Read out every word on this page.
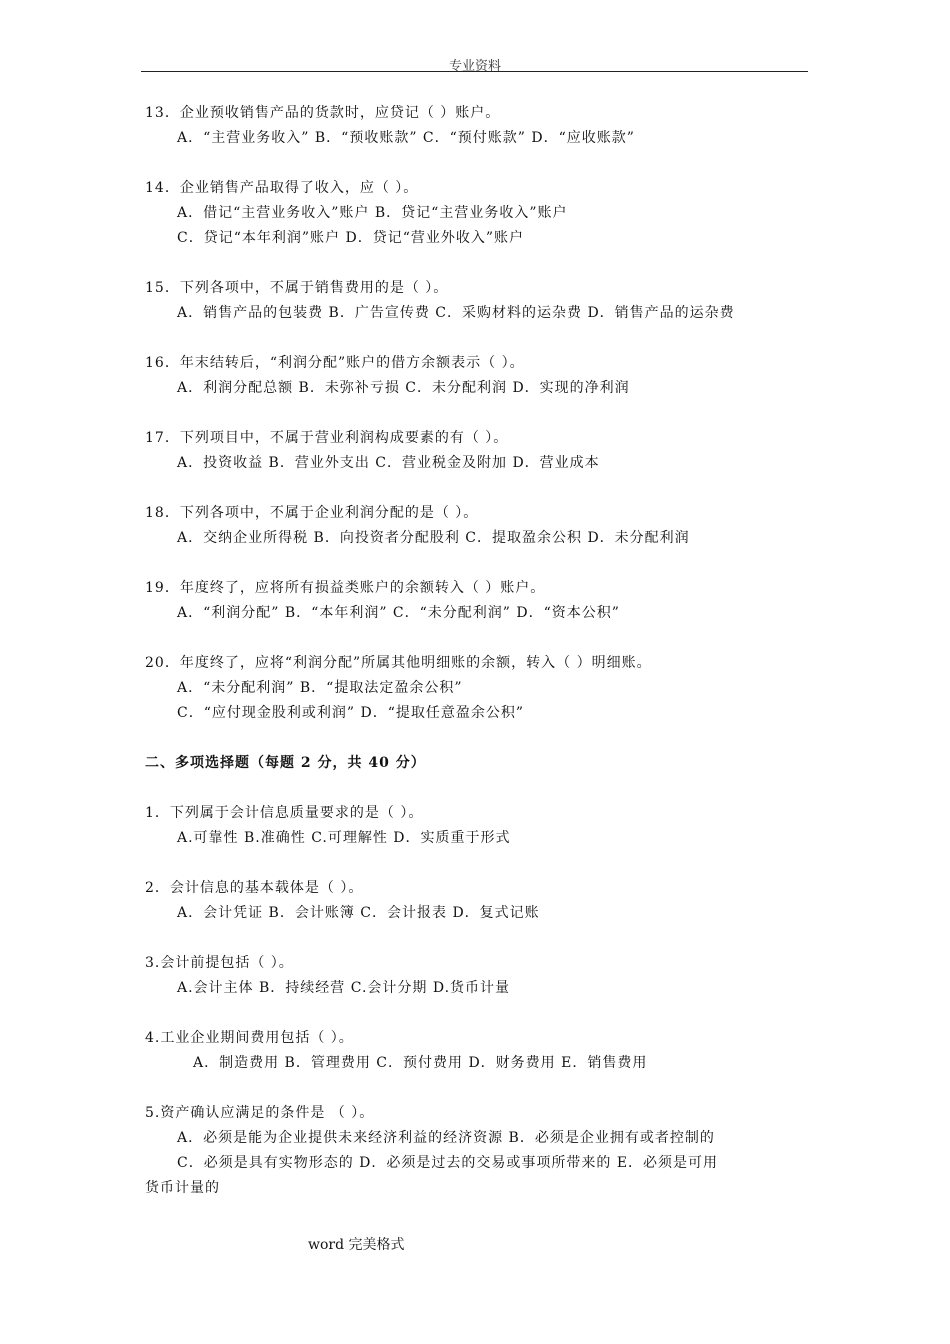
专业资料
13．企业预收销售产品的货款时，应贷记（ ）账户。
A．“主营业务收入” B．“预收账款” C．“预付账款” D．“应收账款”
14．企业销售产品取得了收入，应（ ）。
A．借记“主营业务收入”账户 B．贷记“主营业务收入”账户
C．贷记“本年利润”账户 D．贷记“营业外收入”账户
15．下列各项中，不属于销售费用的是（ ）。
A．销售产品的包装费 B．广告宣传费 C．采购材料的运杂费 D．销售产品的运杂费
16．年末结转后，“利润分配”账户的借方余额表示（ ）。
A．利润分配总额 B．未弥补亏损 C．未分配利润 D．实现的净利润
17．下列项目中，不属于营业利润构成要素的有（ ）。
A．投资收益 B．营业外支出 C．营业税金及附加 D．营业成本
18．下列各项中，不属于企业利润分配的是（ ）。
A．交纳企业所得税 B．向投资者分配股利 C．提取盈余公积 D．未分配利润
19．年度终了，应将所有损益类账户的余额转入（ ）账户。
A．“利润分配” B．“本年利润” C．“未分配利润” D．“资本公积”
20．年度终了，应将“利润分配”所属其他明细账的余额，转入（ ）明细账。
A．“未分配利润” B．“提取法定盈余公积”
C．“应付现金股利或利润” D．“提取任意盈余公积”
二、多项选择题（每题 2 分，共 40 分）
1．下列属于会计信息质量要求的是（ ）。
A.可靠性 B.准确性 C.可理解性 D．实质重于形式
2．会计信息的基本载体是（ ）。
A．会计凭证 B．会计账簿 C．会计报表 D．复式记账
3.会计前提包括（ ）。
A.会计主体 B．持续经营 C.会计分期 D.货币计量
4.工业企业期间费用包括（ ）。
A．制造费用 B．管理费用 C．预付费用 D．财务费用 E．销售费用
5.资产确认应满足的条件是 （ ）。
A．必须是能为企业提供未来经济利益的经济资源 B．必须是企业拥有或者控制的
C．必须是具有实物形态的 D．必须是过去的交易或事项所带来的 E．必须是可用
货币计量的
word 完美格式
